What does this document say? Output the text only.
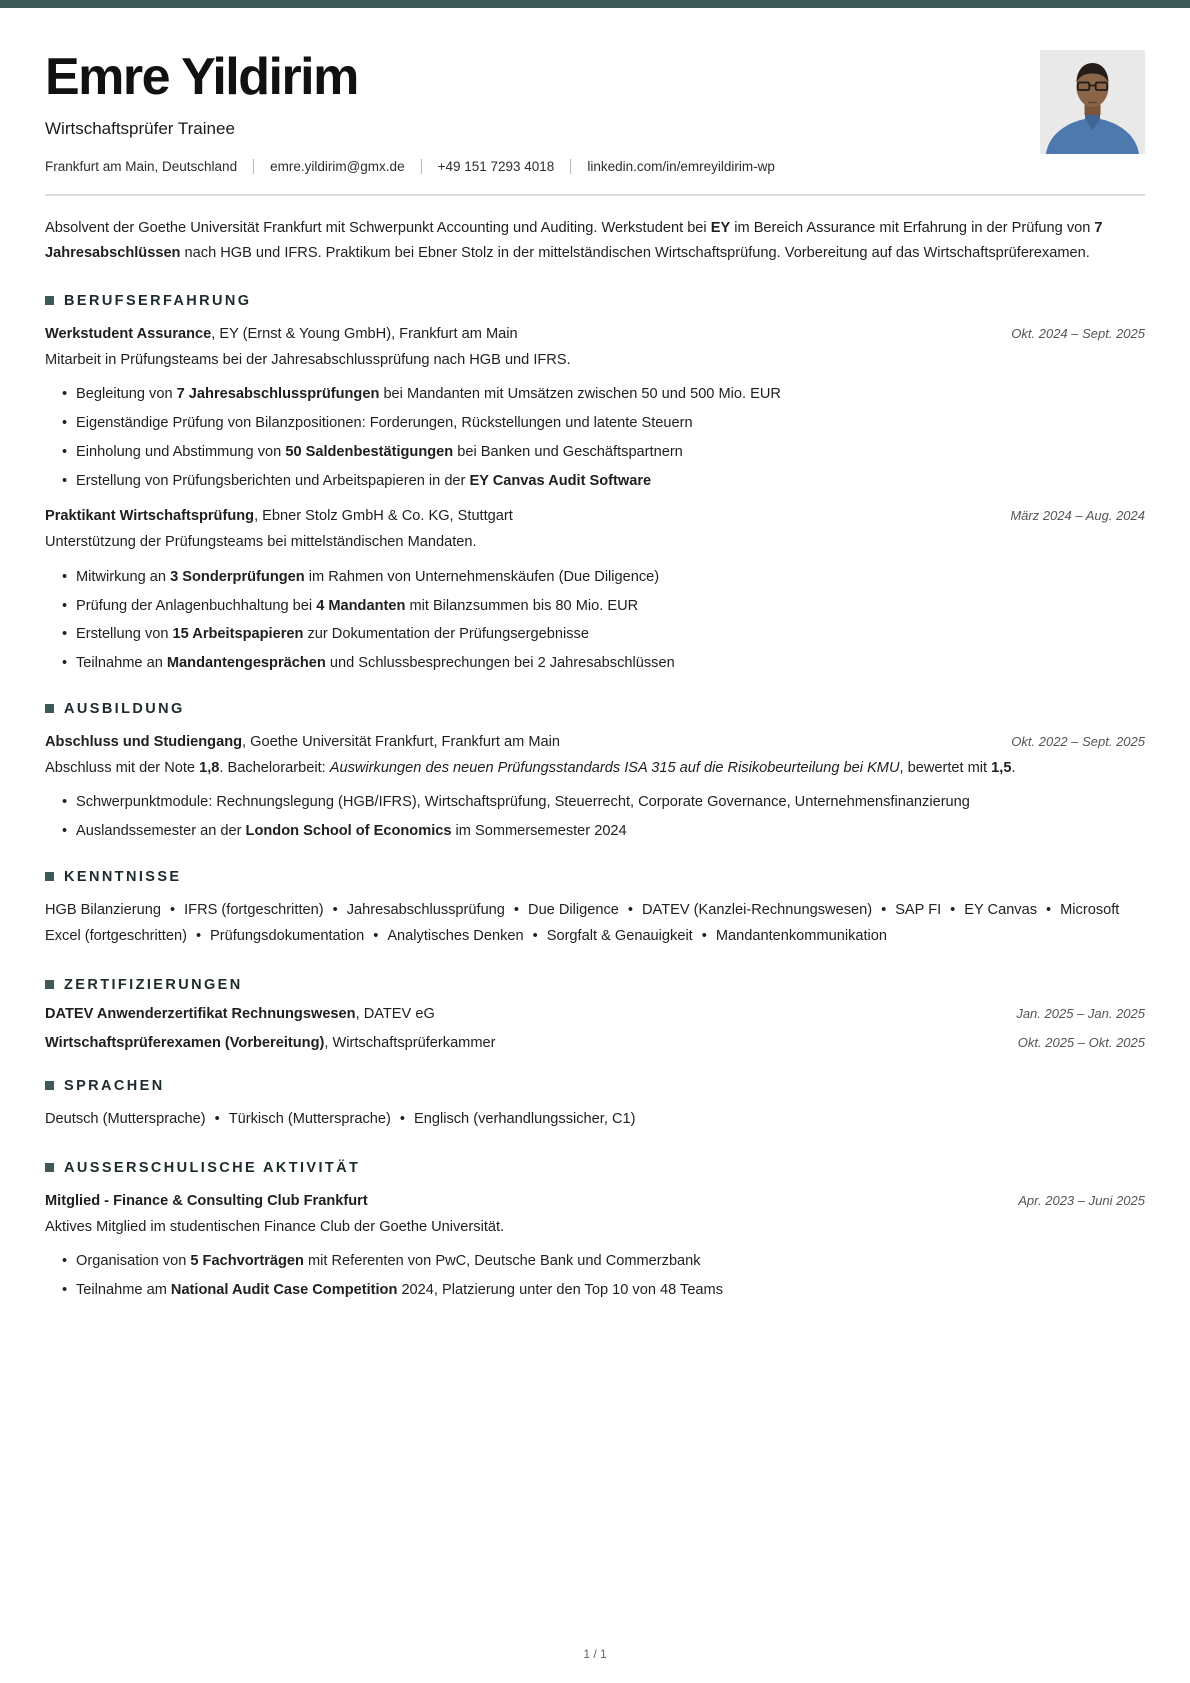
Emre Yildirim

Wirtschaftsprüfer Trainee

Frankfurt am Main, Deutschland emre.yildirim@gmx.de +49 151 7293 4018 linkedin.com/in/emreyildirim-wp

Absolvent der Goethe Universität Frankfurt mit Schwerpunkt Accounting und Auditing. Werkstudent bei EY im Bereich Assurance mit Erfahrung in der Prüfung von 7 Jahresabschlüssen nach HGB und IFRS. Praktikum bei Ebner Stolz in der mittelständischen Wirtschaftsprüfung. Vorbereitung auf das Wirtschaftsprüferexamen.

BERUFSERFAHRUNG
Werkstudent Assurance, EY (Ernst & Young GmbH), Frankfurt am Main	Okt. 2024 – Sept. 2025
Mitarbeit in Prüfungsteams bei der Jahresabschlussprüfung nach HGB und IFRS.
• Begleitung von 7 Jahresabschlussprüfungen bei Mandanten mit Umsätzen zwischen 50 und 500 Mio. EUR
• Eigenständige Prüfung von Bilanzpositionen: Forderungen, Rückstellungen und latente Steuern
• Einholung und Abstimmung von 50 Saldenbestätigungen bei Banken und Geschäftspartnern
• Erstellung von Prüfungsberichten und Arbeitspapieren in der EY Canvas Audit Software
Praktikant Wirtschaftsprüfung, Ebner Stolz GmbH & Co. KG, Stuttgart	März 2024 – Aug. 2024
Unterstützung der Prüfungsteams bei mittelständischen Mandaten.
• Mitwirkung an 3 Sonderprüfungen im Rahmen von Unternehmenskäufen (Due Diligence)
• Prüfung der Anlagenbuchhaltung bei 4 Mandanten mit Bilanzsummen bis 80 Mio. EUR
• Erstellung von 15 Arbeitspapieren zur Dokumentation der Prüfungsergebnisse
• Teilnahme an Mandantengesprächen und Schlussbesprechungen bei 2 Jahresabschlüssen
AUSBILDUNG
Abschluss und Studiengang, Goethe Universität Frankfurt, Frankfurt am Main	Okt. 2022 – Sept. 2025
Abschluss mit der Note 1,8. Bachelorarbeit: Auswirkungen des neuen Prüfungsstandards ISA 315 auf die Risikobeurteilung bei KMU, bewertet mit 1,5.
• Schwerpunktmodule: Rechnungslegung (HGB/IFRS), Wirtschaftsprüfung, Steuerrecht, Corporate Governance, Unternehmensfinanzierung
• Auslandssemester an der London School of Economics im Sommersemester 2024
KENNTNISSE

HGB Bilanzierung • IFRS (fortgeschritten) • Jahresabschlussprüfung • Due Diligence • DATEV (Kanzlei-Rechnungswesen) • SAP FI • EY Canvas • Microsoft Excel (fortgeschritten) • Prüfungsdokumentation • Analytisches Denken • Sorgfalt & Genauigkeit • Mandantenkommunikation

ZERTIFIZIERUNGEN
DATEV Anwenderzertifikat Rechnungswesen, DATEV eG	Jan. 2025 – Jan. 2025
Wirtschaftsprüferexamen (Vorbereitung), Wirtschaftsprüferkammer	Okt. 2025 – Okt. 2025
SPRACHEN

Deutsch (Muttersprache) • Türkisch (Muttersprache) • Englisch (verhandlungssicher, C1)

AUSSERSCHULISCHE AKTIVITÄT
Mitglied - Finance & Consulting Club Frankfurt	Apr. 2023 – Juni 2025
Aktives Mitglied im studentischen Finance Club der Goethe Universität.
• Organisation von 5 Fachvorträgen mit Referenten von PwC, Deutsche Bank und Commerzbank
• Teilnahme am National Audit Case Competition 2024, Platzierung unter den Top 10 von 48 Teams
1 / 1
